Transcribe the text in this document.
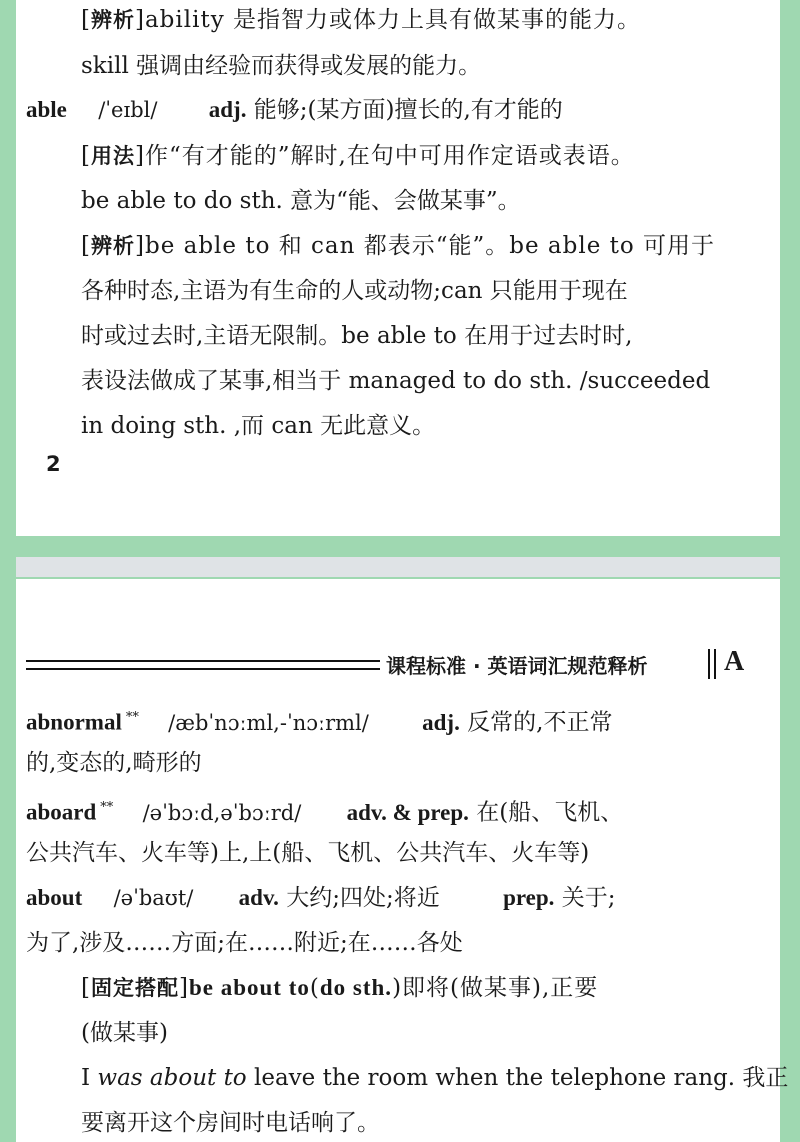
[辨析]ability 是指智力或体力上具有做某事的能力。
skill 强调由经验而获得或发展的能力。
able /ˈeɪbl/ adj. 能够;(某方面)擅长的,有才能的
[用法]作“有才能的”解时,在句中可用作定语或表语。
be able to do sth. 意为“能、会做某事”。
[辨析]be able to 和 can 都表示“能”。be able to 可用于
各种时态,主语为有生命的人或动物;can 只能用于现在
时或过去时,主语无限制。be able to 在用于过去时时,
表设法做成了某事,相当于 managed to do sth. /succeeded
in doing sth. ,而 can 无此意义。
2
课程标准 · 英语词汇规范释析	A
abnormal ** /æbˈnɔːml,-ˈnɔːrml/ adj. 反常的,不正常
的,变态的,畸形的
aboard ** /əˈbɔːd,əˈbɔːrd/ adv. & prep. 在(船、飞机、
公共汽车、火车等)上,上(船、飞机、公共汽车、火车等)
about /əˈbaʊt/ adv. 大约;四处;将近	prep. 关于;
为了,涉及……方面;在……附近;在……各处
[固定搭配]be about to(do sth.)即将(做某事),正要
(做某事)
I was about to leave the room when the telephone rang. 我正
要离开这个房间时电话响了。
